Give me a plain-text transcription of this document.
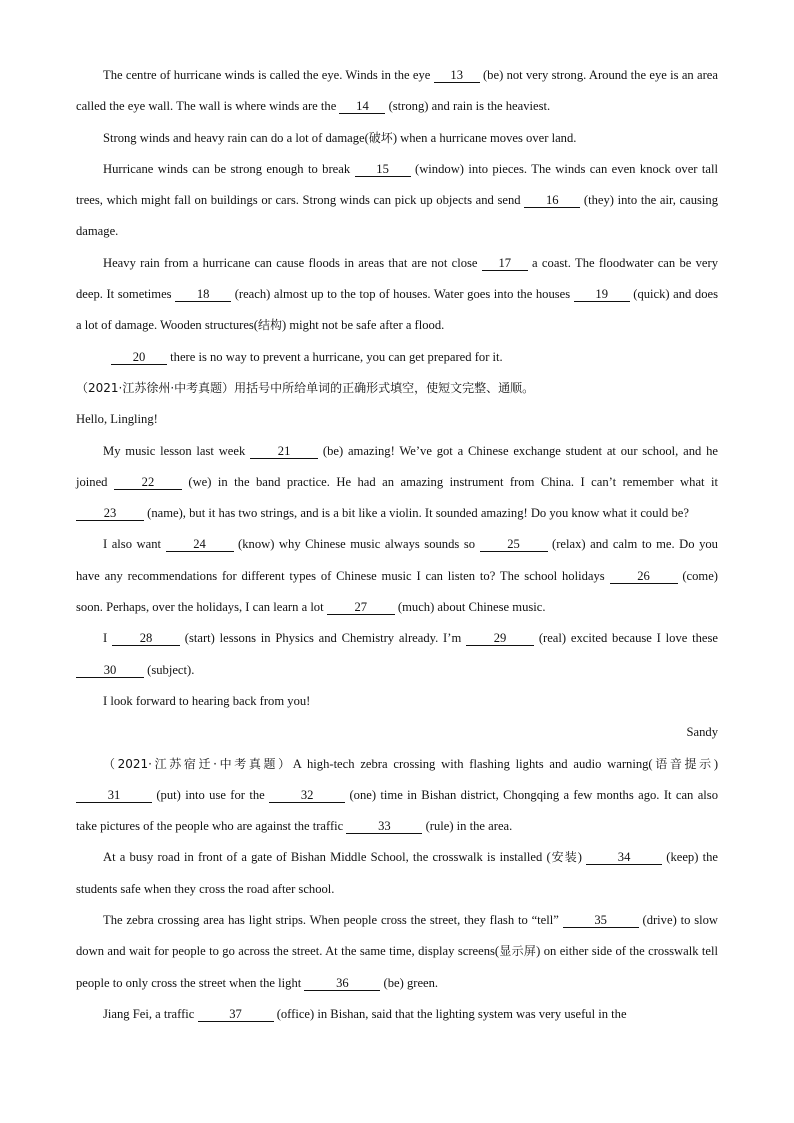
The centre of hurricane winds is called the eye. Winds in the eye 13 (be) not very strong. Around the eye is an area called the eye wall. The wall is where winds are the 14 (strong) and rain is the heaviest.

Strong winds and heavy rain can do a lot of damage(破坏) when a hurricane moves over land.

Hurricane winds can be strong enough to break 15 (window) into pieces. The winds can even knock over tall trees, which might fall on buildings or cars. Strong winds can pick up objects and send 16 (they) into the air, causing damage.

Heavy rain from a hurricane can cause floods in areas that are not close 17 a coast. The floodwater can be very deep. It sometimes 18 (reach) almost up to the top of houses. Water goes into the houses 19 (quick) and does a lot of damage. Wooden structures(结构) might not be safe after a flood.

20 there is no way to prevent a hurricane, you can get prepared for it.

（2021·江苏徐州·中考真题）用括号中所给单词的正确形式填空，使短文完整、通顺。

Hello, Lingling!

My music lesson last week 21 (be) amazing! We’ve got a Chinese exchange student at our school, and he joined 22 (we) in the band practice. He had an amazing instrument from China. I can’t remember what it 23 (name), but it has two strings, and is a bit like a violin. It sounded amazing! Do you know what it could be?

I also want 24 (know) why Chinese music always sounds so 25 (relax) and calm to me. Do you have any recommendations for different types of Chinese music I can listen to? The school holidays 26 (come) soon. Perhaps, over the holidays, I can learn a lot 27 (much) about Chinese music.

I 28 (start) lessons in Physics and Chemistry already. I’m 29 (real) excited because I love these 30 (subject).

I look forward to hearing back from you!

Sandy

（2021·江苏宿迁·中考真题）A high-tech zebra crossing with flashing lights and audio warning(语音提示) 31	(put) into use for the	32	(one) time in Bishan district, Chongqing a few months ago. It can also take pictures of the people who are against the traffic	33	(rule) in the area.

At a busy road in front of a gate of Bishan Middle School, the crosswalk is installed (安装)	34	(keep) the students safe when they cross the road after school.

The zebra crossing area has light strips. When people cross the street, they flash to “tell”	35	(drive) to slow down and wait for people to go across the street. At the same time, display screens(显示屏) on either side of the crosswalk tell people to only cross the street when the light	36	(be) green.

Jiang Fei, a traffic	37	(office) in Bishan, said that the lighting system was very useful in the
